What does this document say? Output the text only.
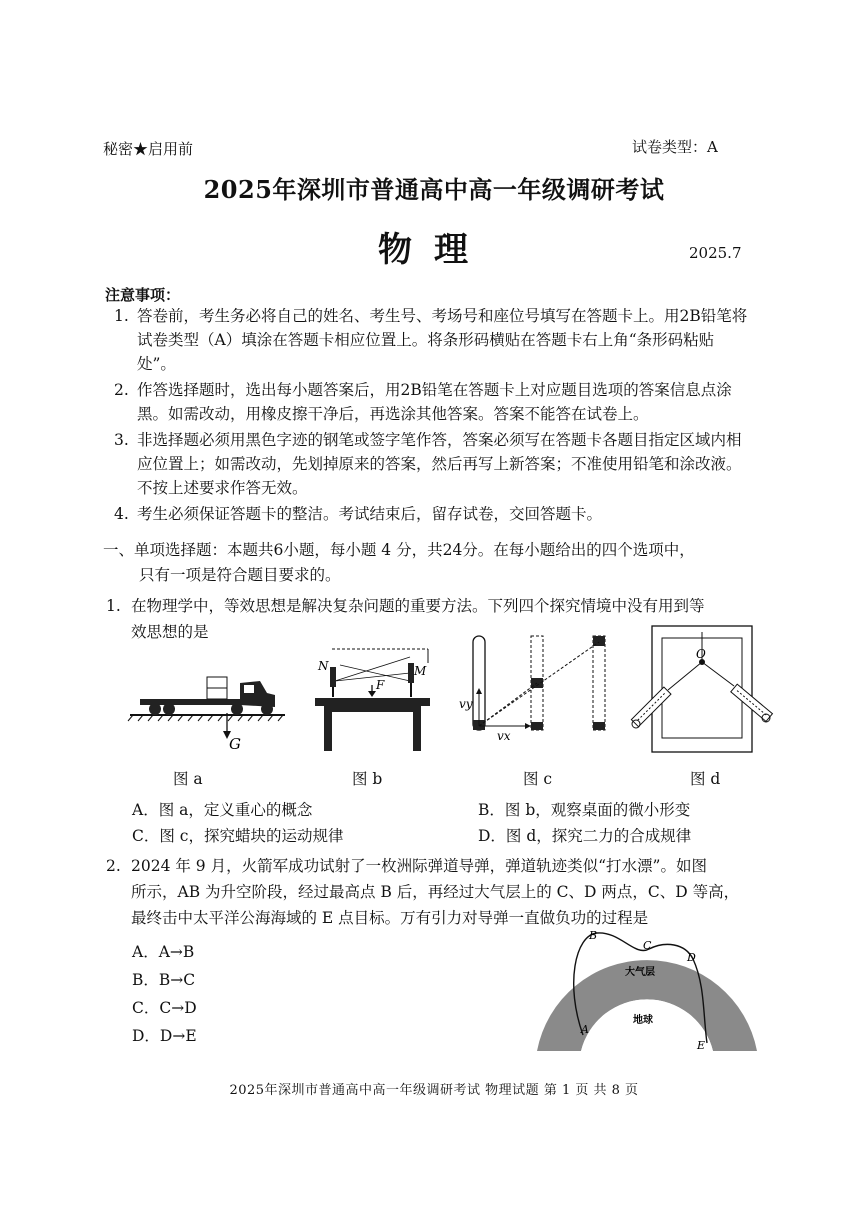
秘密★启用前	试卷类型：A
2025年深圳市普通高中高一年级调研考试
物理	2025.7
注意事项：
1. 答卷前，考生务必将自己的姓名、考生号、考场号和座位号填写在答题卡上。用2B铅笔将试卷类型（A）填涂在答题卡相应位置上。将条形码横贴在答题卡右上角“条形码粘贴处”。
2. 作答选择题时，选出每小题答案后，用2B铅笔在答题卡上对应题目选项的答案信息点涂黑。如需改动，用橡皮擦干净后，再选涂其他答案。答案不能答在试卷上。
3. 非选择题必须用黑色字迹的钢笔或签字笔作答，答案必须写在答题卡各题目指定区域内相应位置上；如需改动，先划掉原来的答案，然后再写上新答案；不准使用铅笔和涂改液。不按上述要求作答无效。
4. 考生必须保证答题卡的整洁。考试结束后，留存试卷，交回答题卡。
一、单项选择题：本题共6小题，每小题 4 分，共24分。在每小题给出的四个选项中，
只有一项是符合题目要求的。
1. 在物理学中，等效思想是解决复杂问题的重要方法。下列四个探究情境中没有用到等
效思想的是
G
N	M
F
vy
vx
O
图 a	图 b	图 c	图 d
A．图 a，定义重心的概念	B．图 b，观察桌面的微小形变
C．图 c，探究蜡块的运动规律	D．图 d，探究二力的合成规律
2. 2024 年 9 月，火箭军成功试射了一枚洲际弹道导弹，弹道轨迹类似“打水漂”。如图
所示，AB 为升空阶段，经过最高点 B 后，再经过大气层上的 C、D 两点，C、D 等高，
最终击中太平洋公海海域的 E 点目标。万有引力对导弹一直做负功的过程是
A．A→B
B．B→C
C．C→D
D．D→E
B
C
D
A
E
大气层
地球
2025年深圳市普通高中高一年级调研考试 物理试题 第 1 页 共 8 页
